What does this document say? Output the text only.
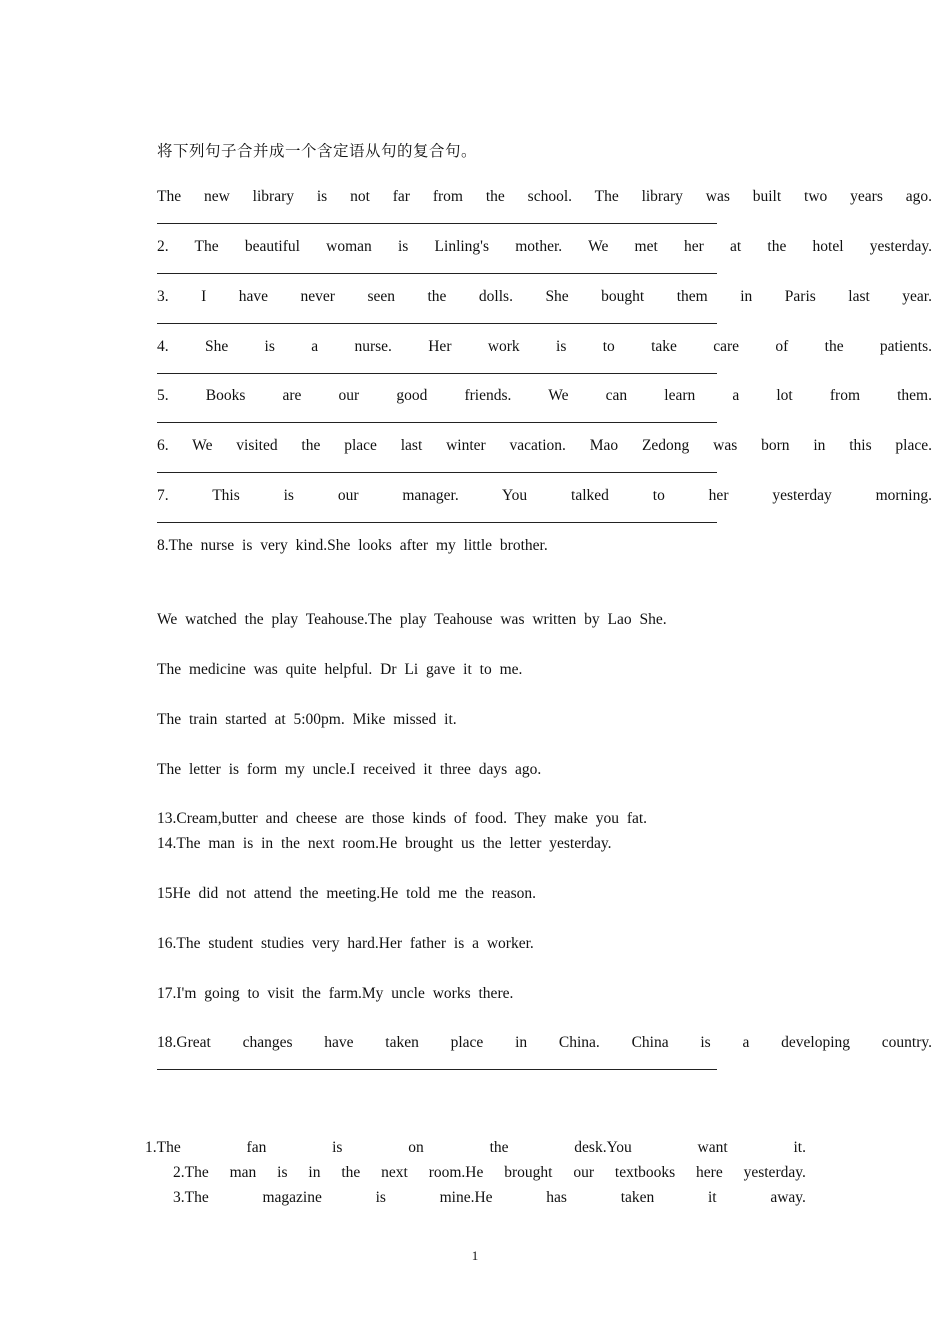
将下列句子合并成一个含定语从句的复合句。
The new library is not far from the school. The library was built two years ago.
2. The beautiful woman is Linling's mother. We met her at the hotel yesterday.
3. I have never seen the dolls. She bought them in Paris last year.
4. She is a nurse. Her work is to take care of the patients.
5. Books are our good friends. We can learn a lot from them.
6. We visited the place last winter vacation. Mao Zedong was born in this place.
7. This is our manager. You talked to her yesterday morning.
8.The nurse is very kind.She looks after my little brother.
We watched the play Teahouse.The play Teahouse was written by Lao She.
The medicine was quite helpful. Dr Li gave it to me.
The train started at 5:00pm. Mike missed it.
The letter is form my uncle.I received it three days ago.
13.Cream,butter and cheese are those kinds of food. They make you fat.
14.The man is in the next room.He brought us the letter yesterday.
15He did not attend the meeting.He told me the reason.
16.The student studies very hard.Her father is a worker.
17.I'm going to visit the farm.My uncle works there.
18.Great changes have taken place in China. China is a developing country.
1.The	fan	is	on	the	desk.You	want	it.
2.The man is in the next room.He brought our textbooks here yesterday.
3.The	magazine	is	mine.He	has	taken	it	away.
1
